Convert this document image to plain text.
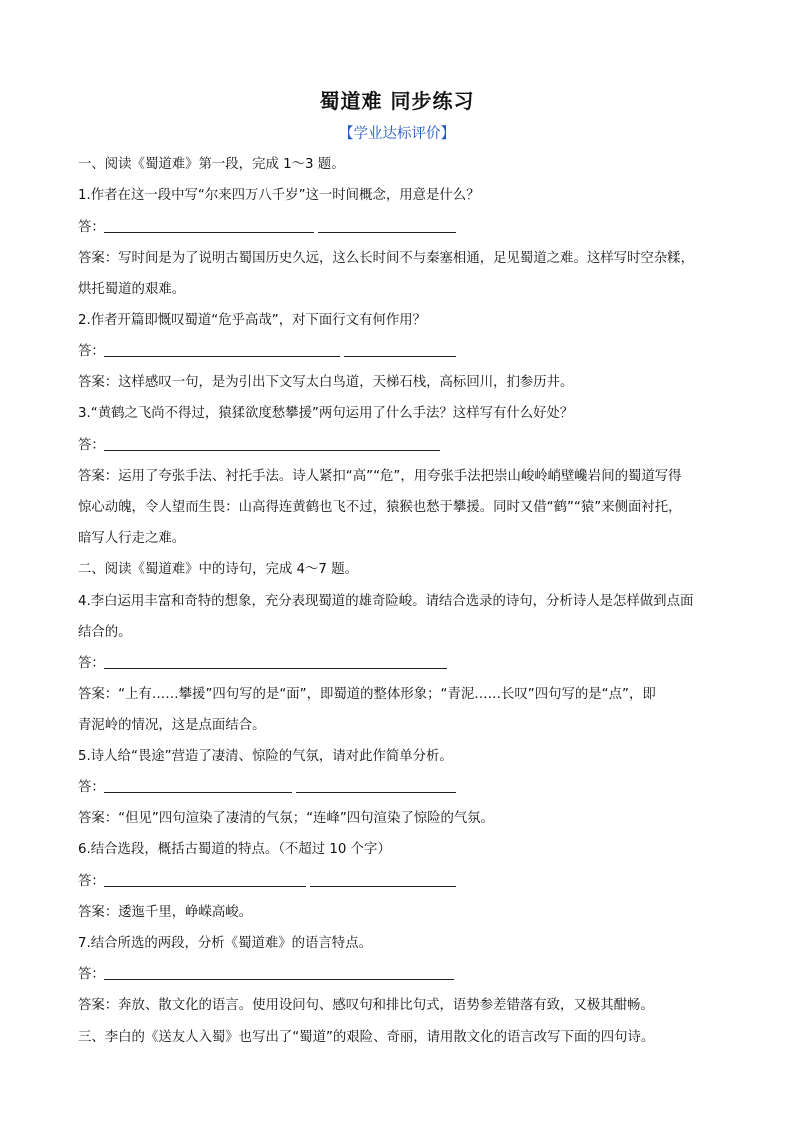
蜀道难 同步练习
【学业达标评价】
一、阅读《蜀道难》第一段，完成 1～3 题。
1.作者在这一段中写“尔来四万八千岁”这一时间概念，用意是什么？
答：
答案：写时间是为了说明古蜀国历史久远，这么长时间不与秦塞相通，足见蜀道之难。这样写时空杂糅，
烘托蜀道的艰难。
2.作者开篇即慨叹蜀道“危乎高哉”，对下面行文有何作用？
答：
答案：这样感叹一句，是为引出下文写太白鸟道，天梯石栈，高标回川，扪参历井。
3.“黄鹤之飞尚不得过，猿猱欲度愁攀援”两句运用了什么手法？这样写有什么好处？
答：
答案：运用了夸张手法、衬托手法。诗人紧扣“高”“危”，用夸张手法把崇山峻岭峭壁巉岩间的蜀道写得
惊心动魄，令人望而生畏：山高得连黄鹤也飞不过，猿猴也愁于攀援。同时又借“鹤”“猿”来侧面衬托，
暗写人行走之难。
二、阅读《蜀道难》中的诗句，完成 4～7 题。
4.李白运用丰富和奇特的想象，充分表现蜀道的雄奇险峻。请结合选录的诗句，分析诗人是怎样做到点面
结合的。
答：
答案：“上有……攀援”四句写的是“面”，即蜀道的整体形象；“青泥……长叹”四句写的是“点”，即
青泥岭的情况，这是点面结合。
5.诗人给“畏途”营造了凄清、惊险的气氛，请对此作简单分析。
答：
答案：“但见”四句渲染了凄清的气氛；“连峰”四句渲染了惊险的气氛。
6.结合选段，概括古蜀道的特点。（不超过 10 个字）
答：
答案：逶迤千里，峥嵘高峻。
7.结合所选的两段，分析《蜀道难》的语言特点。
答：
答案：奔放、散文化的语言。使用设问句、感叹句和排比句式，语势参差错落有致，又极其酣畅。
三、李白的《送友人入蜀》也写出了“蜀道”的艰险、奇丽，请用散文化的语言改写下面的四句诗。
